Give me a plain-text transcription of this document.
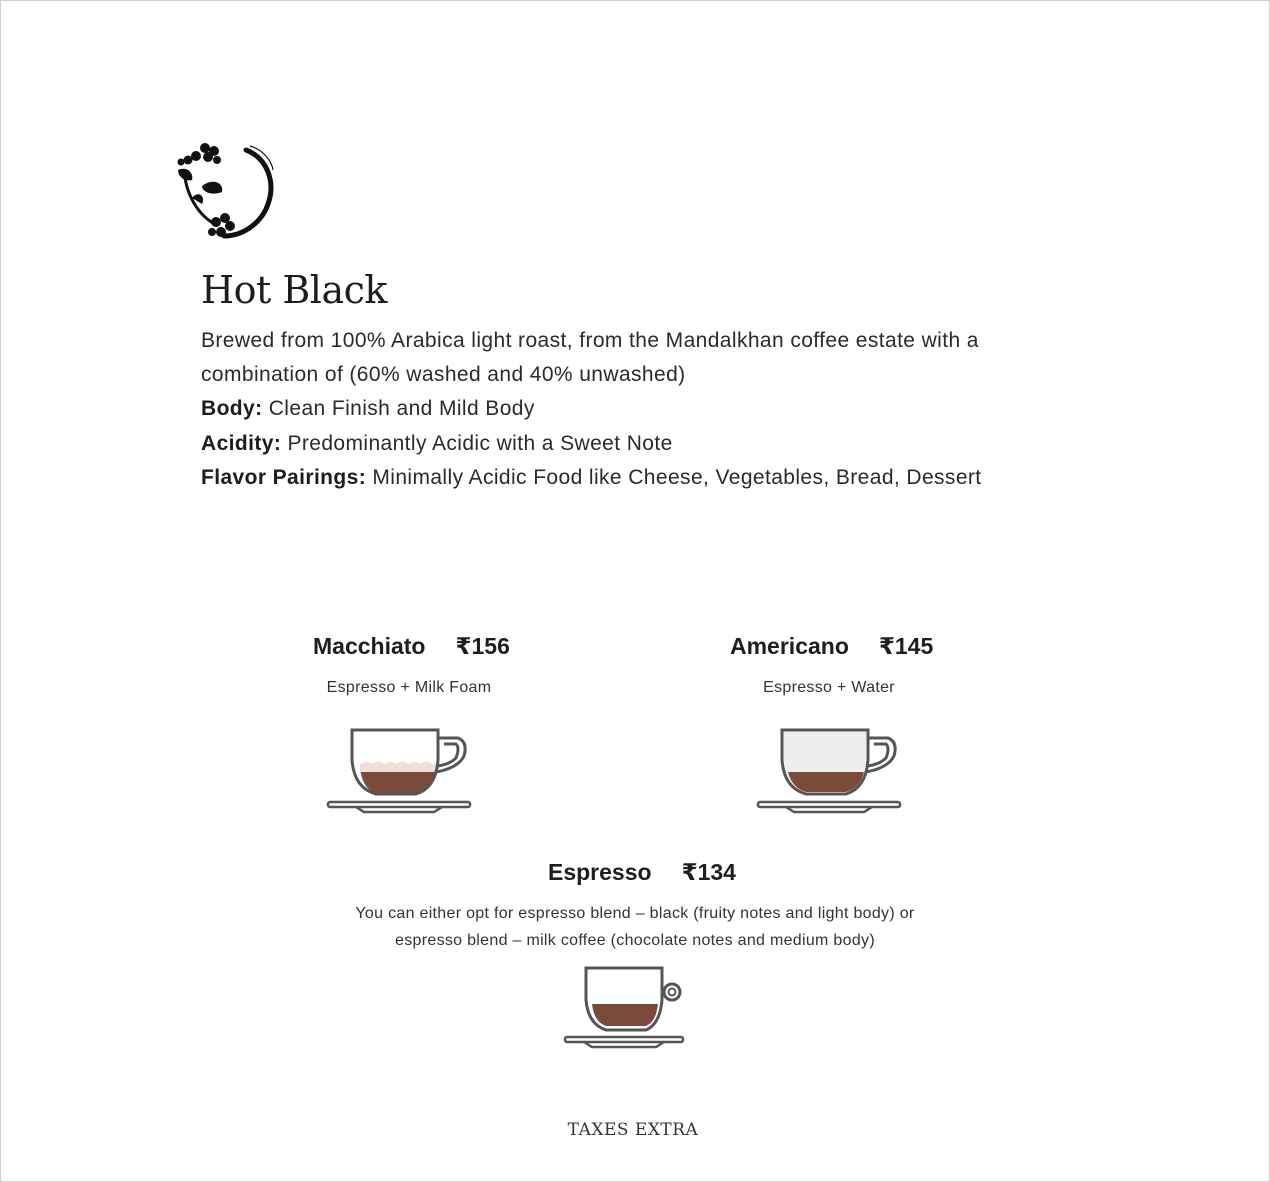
Hot Black

Brewed from 100% Arabica light roast, from the Mandalkhan coffee estate with a

combination of (60% washed and 40% unwashed)

Body: Clean Finish and Mild Body

Acidity: Predominantly Acidic with a Sweet Note

Flavor Pairings: Minimally Acidic Food like Cheese, Vegetables, Bread, Dessert

Macchiato ₹156
Espresso + Milk Foam
Americano ₹145
Espresso + Water
Espresso ₹134

You can either opt for espresso blend – black (fruity notes and light body) or

espresso blend – milk coffee (chocolate notes and medium body)

TAXES EXTRA
